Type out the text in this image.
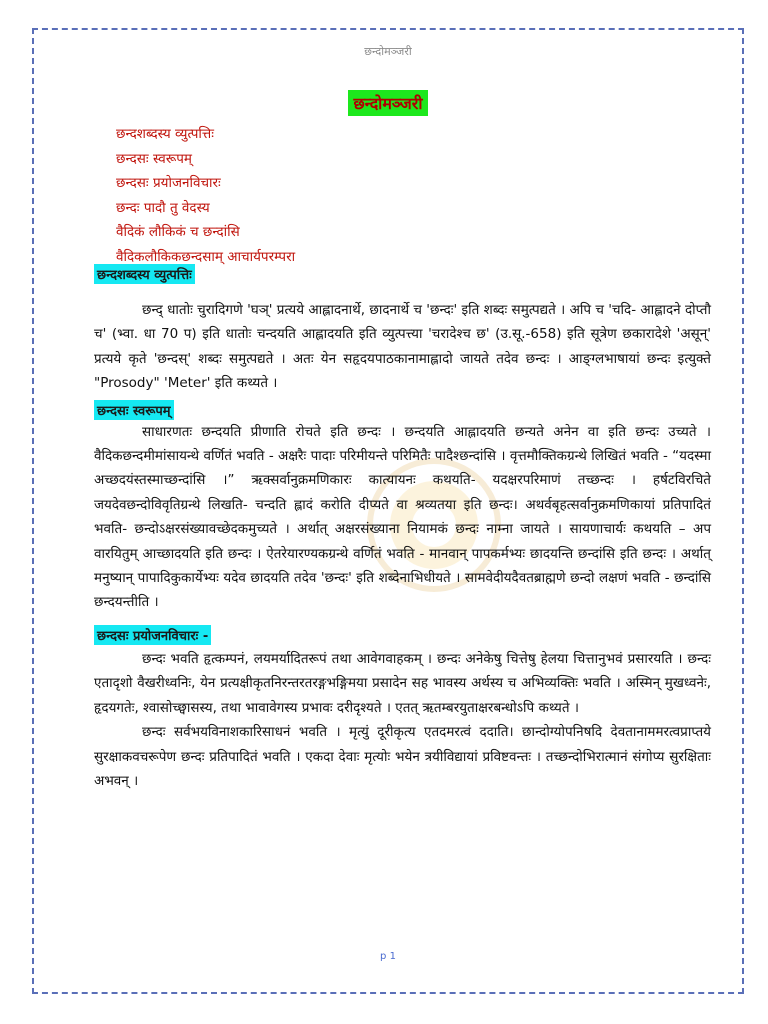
छन्दोमञ्जरी
छन्दोमञ्जरी
छन्दशब्दस्य व्युत्पत्तिः
छन्दसः स्वरूपम्
छन्दसः प्रयोजनविचारः
छन्दः पादौ तु वेदस्य
वैदिकं लौकिकं च छन्दांसि
वैदिकलौकिकछन्दसाम् आचार्यपरम्परा
छन्दशब्दस्य व्युत्पत्तिः

छन्द् धातोः चुरादिगणे 'घञ्' प्रत्यये आह्लादनार्थे, छादनार्थे च 'छन्दः' इति शब्दः समुत्पद्यते । अपि च 'चदि- आह्लादने दोप्तौ च' (भ्वा. धा 70 प) इति धातोः चन्दयति आह्लादयति इति व्युत्पत्त्या 'चरादेश्च छ' (उ.सू.-658) इति सूत्रेण छकारादेशे 'असून्' प्रत्यये कृते 'छन्दस्' शब्दः समुत्पद्यते । अतः येन सहृदयपाठकानामाह्लादो जायते तदेव छन्दः । आङ्ग्लभाषायां छन्दः इत्युक्ते "Prosody" 'Meter' इति कथ्यते ।

छन्दसः स्वरूपम्

साधारणतः छन्दयति प्रीणाति रोचते इति छन्दः । छन्दयति आह्लादयति छन्यते अनेन वा इति छन्दः उच्यते । वैदिकछन्दमीमांसायन्थे वर्णितं भवति - अक्षरैः पादाः परिमीयन्ते परिमितैः पादैश्छन्दांसि । वृत्तमौक्तिकग्रन्थे लिखितं भवति - “यदस्मा अच्छदयंस्तस्माच्छन्दांसि ।” ऋक्सर्वानुक्रमणिकारः कात्यायनः कथयति- यदक्षरपरिमाणं तच्छन्दः । हर्षटविरचिते जयदेवछन्दोविवृतिग्रन्थे लिखति- चन्दति ह्लादं करोति दीप्यते वा श्रव्यतया इति छन्दः। अथर्वबृहत्सर्वानुक्रमणिकायां प्रतिपादितं भवति- छन्दोऽक्षरसंख्यावच्छेदकमुच्यते । अर्थात् अक्षरसंख्याना नियामकं छन्दः नाम्ना जायते । सायणाचार्यः कथयति – अप वारयितुम् आच्छादयति इति छन्दः । ऐतरेयारण्यकग्रन्थे वर्णितं भवति - मानवान् पापकर्मभ्यः छादयन्ति छन्दांसि इति छन्दः । अर्थात् मनुष्यान् पापादिकुकार्येभ्यः यदेव छादयति तदेव 'छन्दः' इति शब्देनाभिधीयते । सामवेदीयदैवतब्राह्मणे छन्दो लक्षणं भवति - छन्दांसि छन्दयन्तीति ।

छन्दसः प्रयोजनविचारः -

छन्दः भवति हृत्कम्पनं, लयमर्यादितरूपं तथा आवेगवाहकम् । छन्दः अनेकेषु चित्तेषु हेलया चित्तानुभवं प्रसारयति । छन्दः एतादृशो वैखरीध्वनिः, येन प्रत्यक्षीकृतनिरन्तरतरङ्गभङ्गिमया प्रसादेन सह भावस्य अर्थस्य च अभिव्यक्तिः भवति । अस्मिन् मुखध्वनेः, हृदयगतेः, श्वासोच्छ्वासस्य, तथा भावावेगस्य प्रभावः दरीदृश्यते । एतत् ऋतम्बरयुताक्षरबन्धोऽपि कथ्यते ।

छन्दः सर्वभयविनाशकारिसाधनं भवति । मृत्युं दूरीकृत्य एतदमरत्वं ददाति। छान्दोग्योपनिषदि देवतानाममरत्वप्राप्तये सुरक्षाकवचरूपेण छन्दः प्रतिपादितं भवति । एकदा देवाः मृत्योः भयेन त्रयीविद्यायां प्रविष्टवन्तः । तच्छन्दोभिरात्मानं संगोप्य सुरक्षिताः अभवन् ।

p 1
